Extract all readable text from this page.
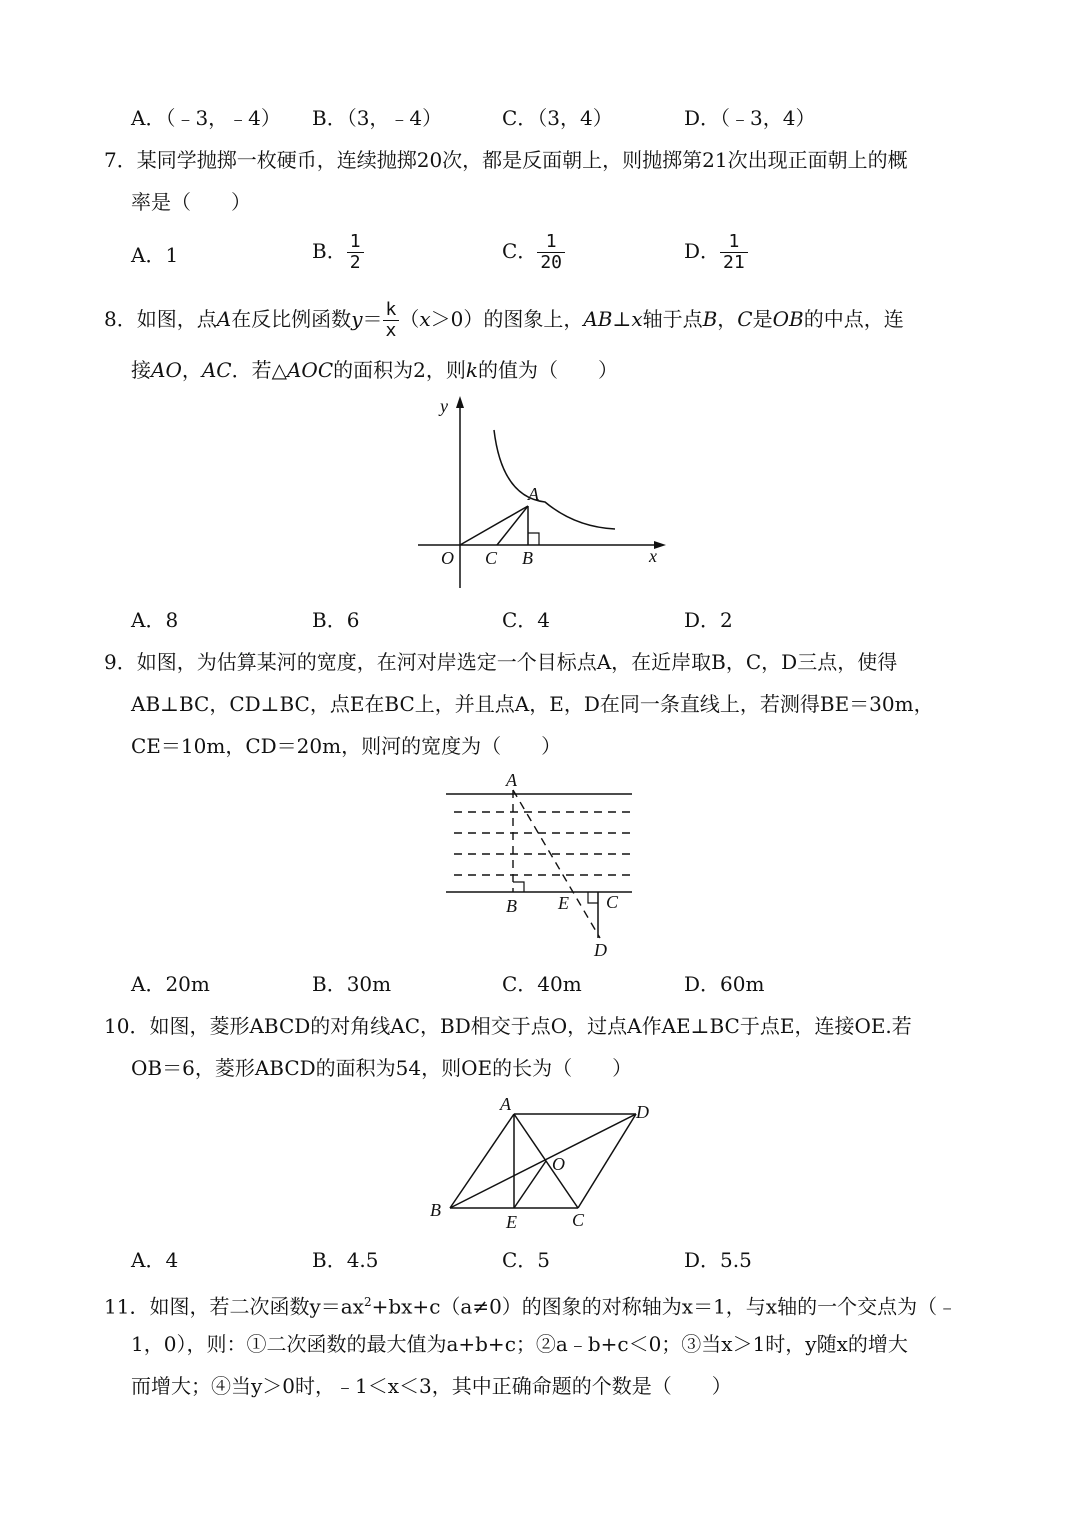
A．（﹣3，﹣4） B．（3，﹣4）	C．（3，4）	D．（﹣3，4）
7．某同学抛掷一枚硬币，连续抛掷20次，都是反面朝上，则抛掷第21次出现正面朝上的概
率是（　　）
A．1	B． $\frac{1}{2}$	C． $\frac{1}{20}$	D． $\frac{1}{21}$
8．如图，点A在反比例函数$y= \frac{k}{x} (x>0)$的图象上，AB⊥x轴于点B，C是OB的中点，连
接AO，AC．若△AOC的面积为2，则k的值为（　　）
y
x
O
A
B
C
A．8	B．6	C．4	D．2
9．如图，为估算某河的宽度，在河对岸选定一个目标点A，在近岸取B，C，D三点，使得
AB⊥BC，CD⊥BC，点E在BC上，并且点A，E，D在同一条直线上，若测得BE＝30m，
CE＝10m，CD＝20m，则河的宽度为（　　）
A
B E C
D
A．20m	B．30m	C．40m	D．60m
10．如图，菱形ABCD的对角线AC，BD相交于点O，过点A作AE⊥BC于点E，连接OE.若
OB＝6，菱形ABCD的面积为54，则OE的长为（　　）
A	D
O
B
E	C
A．4	B．4.5	C．5	D．5.5
11．如图，若二次函数$y=ax^2+bx+c(a\ne 0)$的图象的对称轴为x＝1，与x轴的一个交点为（﹣
1，0），则：①二次函数的最大值为a+b+c；②a﹣b+c＜0；③当x＞1时，y随x的增大
而增大；④当y＞0时，﹣1＜x＜3，其中正确命题的个数是（　　）
